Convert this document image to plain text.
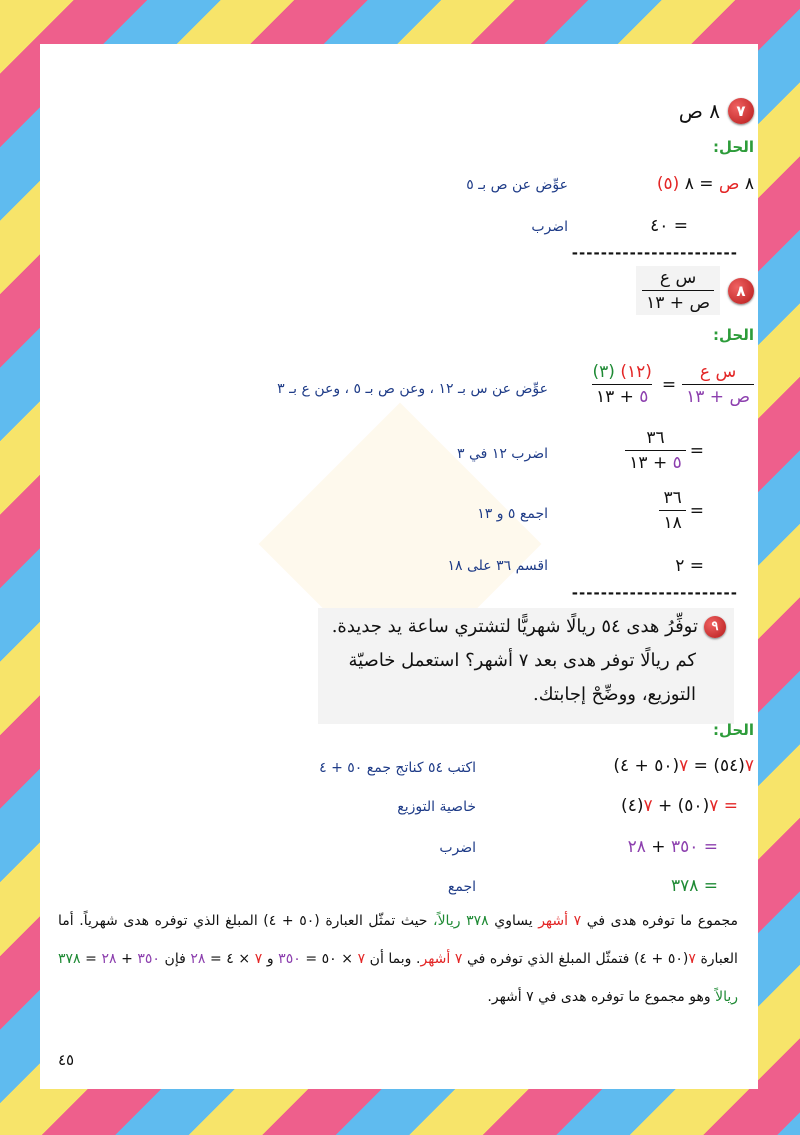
٧
٨ ص
الحل:
٨ ص = ٨ (٥)
عوِّض عن ص بـ ٥
= ٤٠
اضرب
-----------------------
٨
$\frac{\text{س ع}}{\text{ص + ١٣}}$
الحل:
$\frac{\text{س ع}}{\text{ص + ١٣}}$
=
$\frac{(١٢) (٣)}{٥ + ١٣}$
عوِّض عن س بـ ١٢ ، وعن ص بـ ٥ ، وعن ع بـ ٣
=
$\frac{٣٦}{٥ + ١٣}$
اضرب ١٢ في ٣
=
$\frac{٣٦}{١٨}$
اجمع ٥ و ١٣
= ٢
اقسم ٣٦ على ١٨
-----------------------
٩
توفِّرُ هدى ٥٤ ريالًا شهريًّا لتشتري ساعة يد جديدة.
كم ريالًا توفر هدى بعد ٧ أشهر؟ استعمل خاصيّة
التوزيع، ووضِّحْ إجابتك.
الحل:
٧(٥٤) = ٧(٥٠ + ٤)
اكتب ٥٤ كناتج جمع ٥٠ + ٤
= ٧(٥٠) + ٧(٤)
خاصية التوزيع
= ٣٥٠ + ٢٨
اضرب
= ٣٧٨
اجمع
مجموع ما توفره هدى في ٧ أشهر يساوي ٣٧٨ ريالاً، حيث تمثّل العبارة (٥٠ + ٤) المبلغ الذي توفره هدى شهرياً. أما العبارة ٧(٥٠ + ٤) فتمثّل المبلغ الذي توفره في ٧ أشهر. وبما أن ٧ × ٥٠ = ٣٥٠ و ٧ × ٤ = ٢٨ فإن ٣٥٠ + ٢٨ = ٣٧٨ ريالاً وهو مجموع ما توفره هدى في ٧ أشهر.
٤٥
